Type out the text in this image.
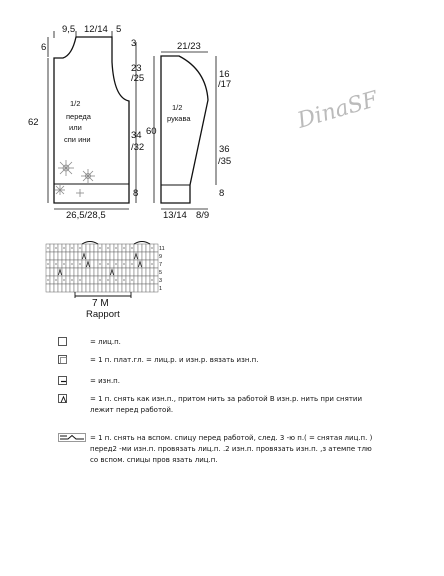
9,5 12/14 5
6	3
23
/25
62
34
/32
8
26,5/28,5
1/2
переда
или
спи ини
21/23
16
/17
60
36
/35
8
13/14 8/9
1/2
рукава	DinaSF
11
9
7
5
3
1
7 M
Rapport
= лиц.п.
= 1 п. плат.гл. = лиц.р. и изн.р. вязать изн.п.
= изн.п.
= 1 п. снять как изн.п., притом нить за работой В изн.р. нить при снятии лежит перед работой.
= 1 п. снять на вспом. спицу перед работой, след. 3 -ю п.( = снятая лиц.п. ) перед2 -ми изн.п. провязать лиц.п. .2 изн.п. провязать изн.п. ,з атемпе тлю со вспом. спицы пров язать лиц.п.
